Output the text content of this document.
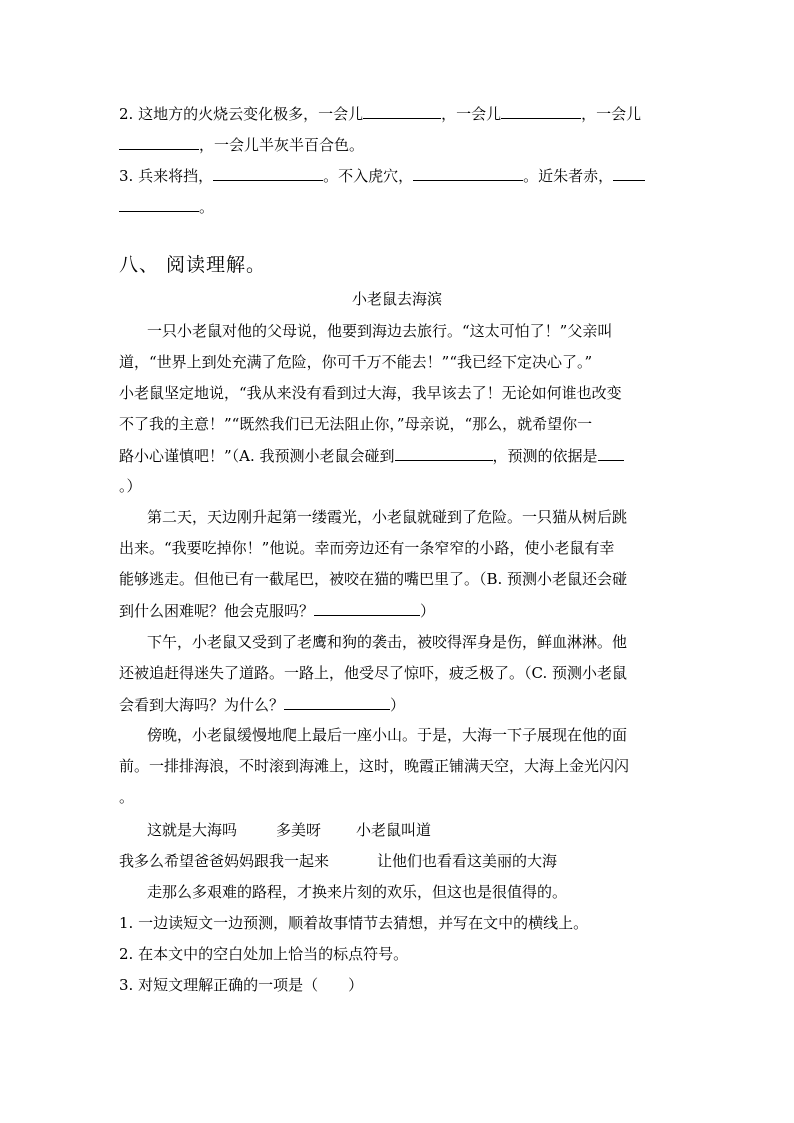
2. 这地方的火烧云变化极多，一会儿	，一会儿	，一会儿

，一会儿半灰半百合色。

3. 兵来将挡，	。不入虎穴，	。近朱者赤，

。

八、 阅读理解。

小老鼠去海滨

一只小老鼠对他的父母说，他要到海边去旅行。“这太可怕了！”父亲叫

道，“世界上到处充满了危险，你可千万不能去！”“我已经下定决心了。”

小老鼠坚定地说，“我从来没有看到过大海，我早该去了！无论如何谁也改变

不了我的主意！”“既然我们已无法阻止你，”母亲说，“那么，就希望你一

路小心谨慎吧！”（A. 我预测小老鼠会碰到	，预测的依据是

。）

第二天，天边刚升起第一缕霞光，小老鼠就碰到了危险。一只猫从树后跳

出来。“我要吃掉你！”他说。幸而旁边还有一条窄窄的小路，使小老鼠有幸

能够逃走。但他已有一截尾巴，被咬在猫的嘴巴里了。（B. 预测小老鼠还会碰

到什么困难呢？他会克服吗？	）

下午，小老鼠又受到了老鹰和狗的袭击，被咬得浑身是伤，鲜血淋淋。他

还被追赶得迷失了道路。一路上，他受尽了惊吓，疲乏极了。（C. 预测小老鼠

会看到大海吗？为什么？	）

傍晚，小老鼠缓慢地爬上最后一座小山。于是，大海一下子展现在他的面

前。一排排海浪，不时滚到海滩上，这时，晚霞正铺满天空，大海上金光闪闪

。

这就是大海吗	多美呀 小老鼠叫道

我多么希望爸爸妈妈跟我一起来	让他们也看看这美丽的大海

走那么多艰难的路程，才换来片刻的欢乐，但这也是很值得的。

1. 一边读短文一边预测，顺着故事情节去猜想，并写在文中的横线上。

2. 在本文中的空白处加上恰当的标点符号。

3. 对短文理解正确的一项是（ ）
